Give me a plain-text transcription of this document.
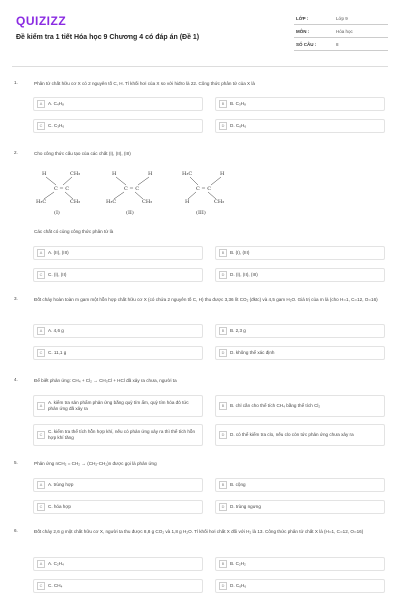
QUIZIZZ
Đề kiểm tra 1 tiết Hóa học 9 Chương 4 có đáp án (Đề 1)
LỚP :	Lớp 9
MÔN :	Hóa học
SỐ CÂU :	8
1.	Phân tử chất hữu cơ X có 2 nguyên tố C, H. Tỉ khối hơi của X so với hiđro là 22. Công thức phân tử của X là
A	A. C₄H₈	B	B. C₃H₈
C	C. C₃H₆	D	D. C₆H₆
2.	Cho công thức cấu tạo của các chất (I), (II), (III)
H	CH₃
C = C
H₃C	CH₃
H	H
C = C
H₃C	CH₃
H₃C	H
C = C
H	CH₃
(I)	(II)	(III)
Các chất có cùng công thức phân tử là
A	A. (II), (III)	B	B. (I), (III)
C	C. (I), (II)	D	D. (I), (II), (III)
3.	Đốt cháy hoàn toàn m gam một hỗn hợp chất hữu cơ X (có chứa 2 nguyên tố C, H) thu được 3,36 lít CO₂ (đktc) và 4,5 gam H₂O. Giá trị của m là (cho H=1, C=12, O=16)
A	A. 4,6 g	B	B. 2,3 g
C	C. 11,1 g	D	D. không thể xác định
4.	Để biết phản ứng: CH₄ + Cl₂ → CH₃Cl + HCl đã xảy ra chưa, người ta
A
A. kiểm tra sản phẩm phản ứng bằng quỳ tím ẩm, quỳ tím hóa đỏ tức phản ứng đã xảy ra	B	B. chỉ cần cho thể tích CH₄ bằng thể tích Cl₂
C
C. kiểm tra thể tích hỗn hợp khí, nếu có phản ứng xảy ra thì thể tích hỗn hợp khí tăng	D	D. có thể kiểm tra clo, nếu clo còn tức phản ứng chưa xảy ra
5.	Phản ứng nCH₂ = CH₂ → (CH₂-CH₂)n được gọi là phản ứng
A	A. trùng hợp	B	B. cộng
C	C. hóa hợp	D	D. trùng ngưng
6.	Đốt cháy 2,6 g một chất hữu cơ X, người ta thu được 8,8 g CO₂ và 1,8 g H₂O. Tỉ khối hơi chất X đối với H₂ là 13. Công thức phân tử chất X là (H=1, C=12, O=16)
A	A. C₂H₄	B	B. C₂H₂
C	C. CH₄	D	D. C₆H₆
